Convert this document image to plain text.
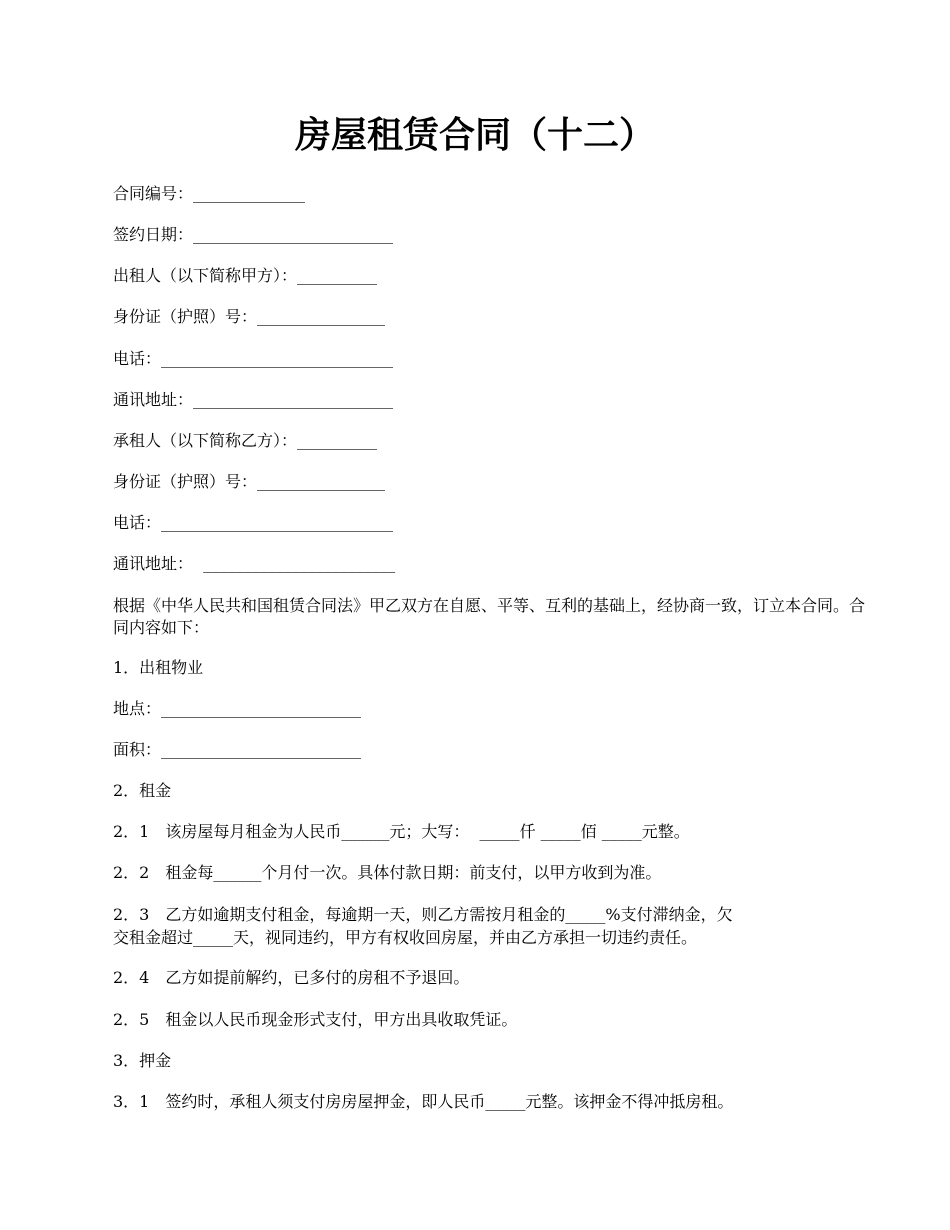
房屋租赁合同（十二）
合同编号：______________
签约日期：_________________________
出租人（以下简称甲方）：__________
身份证（护照）号：________________
电话：_____________________________
通讯地址：_________________________
承租人（以下简称乙方）：__________
身份证（护照）号：________________
电话：_____________________________
通讯地址：  ________________________
根据《中华人民共和国租赁合同法》甲乙双方在自愿、平等、互利的基础上，经协商一致，订立本合同。合同内容如下：
1．出租物业
地点：_________________________
面积：_________________________
2．租金
2．1　该房屋每月租金为人民币______元；大写：  _____仟 _____佰 _____元整。
2．2　租金每______个月付一次。具体付款日期：前支付，以甲方收到为准。
2．3　乙方如逾期支付租金，每逾期一天，则乙方需按月租金的_____%支付滞纳金，欠
交租金超过_____天，视同违约，甲方有权收回房屋，并由乙方承担一切违约责任。
2．4　乙方如提前解约，已多付的房租不予退回。
2．5　租金以人民币现金形式支付，甲方出具收取凭证。
3．押金
3．1　签约时，承租人须支付房房屋押金，即人民币_____元整。该押金不得冲抵房租。
